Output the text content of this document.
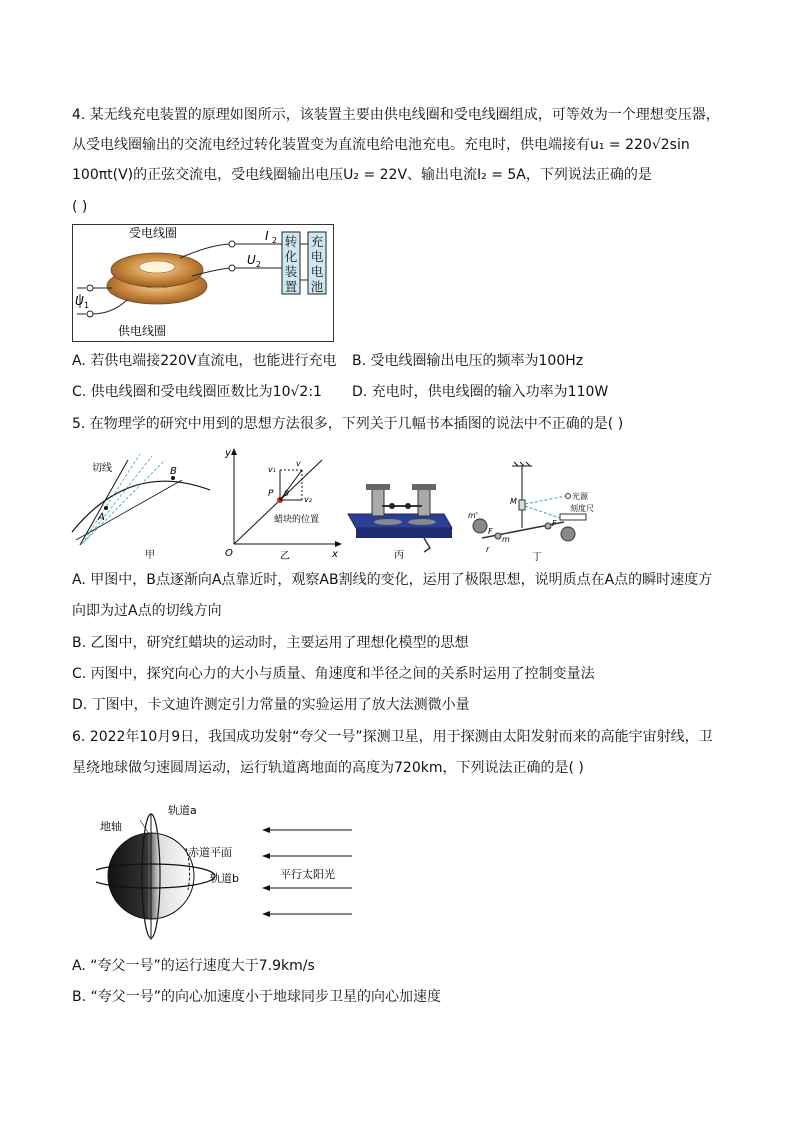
4. 某无线充电装置的原理如图所示，该装置主要由供电线圈和受电线圈组成，可等效为一个理想变压器，
从受电线圈输出的交流电经过转化装置变为直流电给电池充电。充电时，供电端接有u₁ = 220√2sin
100πt(V)的正弦交流电，受电线圈输出电压U₂ = 22V、输出电流I₂ = 5A，下列说法正确的是
( )
转
化
装
置
充
电
电
池
受电线圈
供电线圈
I 2
U 2
U 1
A. 若供电端接220V直流电，也能进行充电 B. 受电线圈输出电压的频率为100Hz
C. 供电线圈和受电线圈匝数比为10√2:1 D. 充电时，供电线圈的输入功率为110W
5. 在物理学的研究中用到的思想方法很多，下列关于几幅书本插图的说法中不正确的是( )
切线
A
B
甲
y
x
O
P
v₁
v
v₂
θ
蜡块的位置
乙	丙
光源
刻度尺
M
m'
m
F
F
r
丁
A. 甲图中，B点逐渐向A点靠近时，观察AB割线的变化，运用了极限思想，说明质点在A点的瞬时速度方
向即为过A点的切线方向
B. 乙图中，研究红蜡块的运动时，主要运用了理想化模型的思想
C. 丙图中，探究向心力的大小与质量、角速度和半径之间的关系时运用了控制变量法
D. 丁图中，卡文迪许测定引力常量的实验运用了放大法测微小量
6. 2022年10月9日，我国成功发射“夸父一号”探测卫星，用于探测由太阳发射而来的高能宇宙射线，卫
星绕地球做匀速圆周运动，运行轨道离地面的高度为720km，下列说法正确的是( )
轨道a
地轴
赤道平面
轨道b	平行太阳光
A. “夸父一号”的运行速度大于7.9km/s
B. “夸父一号”的向心加速度小于地球同步卫星的向心加速度
